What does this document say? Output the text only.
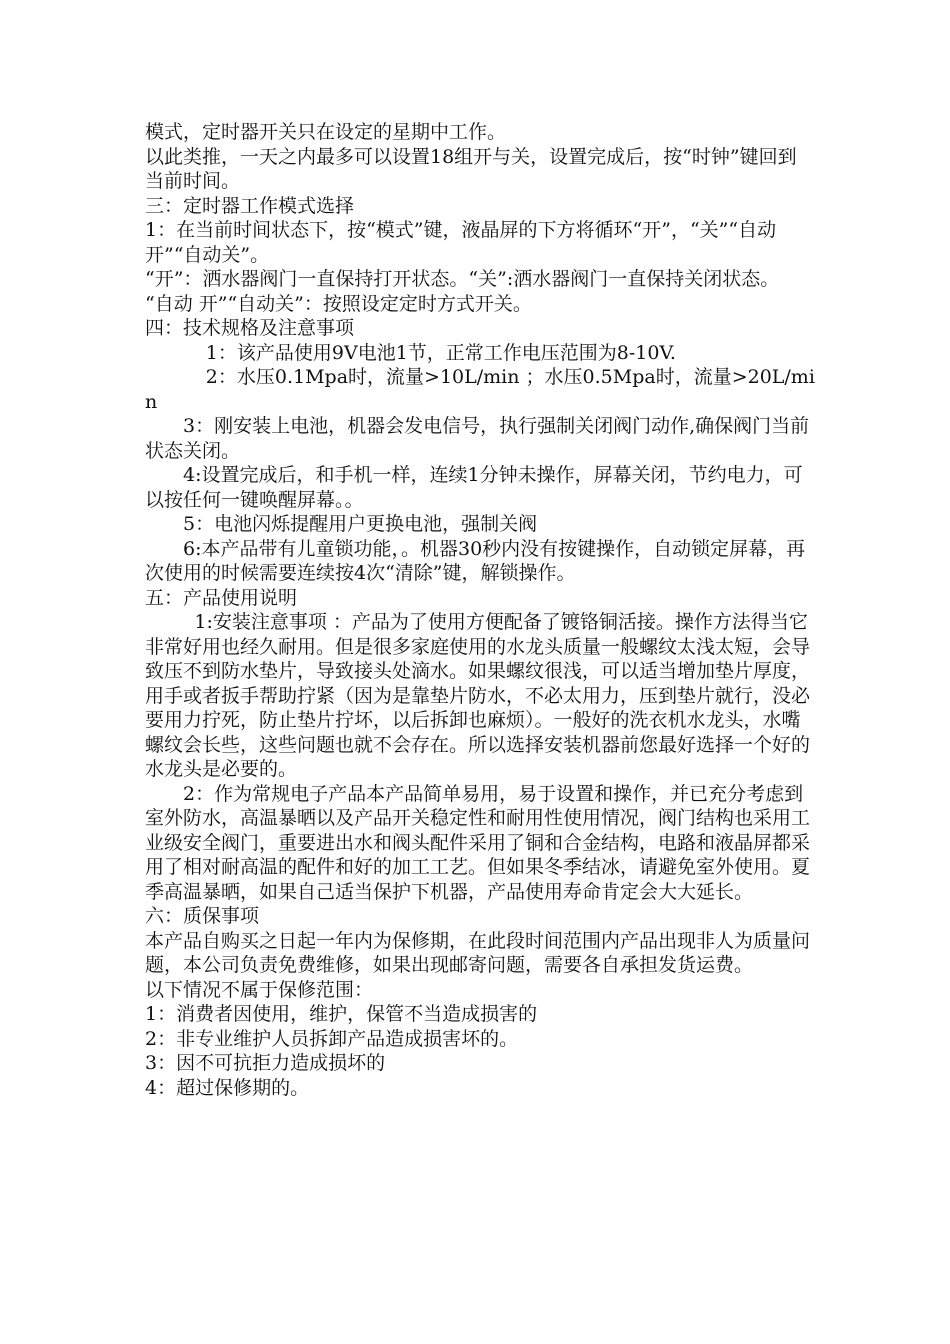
模式，定时器开关只在设定的星期中工作。

以此类推，一天之内最多可以设置18组开与关，设置完成后，按“时钟”键回到当前时间。

三：定时器工作模式选择

1：在当前时间状态下，按“模式”键，液晶屏的下方将循环“开”，“关”“自动 开”“自动关”。

“开”：洒水器阀门一直保持打开状态。“关”:洒水器阀门一直保持关闭状态。

“自动 开”“自动关”：按照设定定时方式开关。

四：技术规格及注意事项

1：该产品使用9V电池1节，正常工作电压范围为8-10V.

2：水压0.1Mpa时，流量>10L/min ；水压0.5Mpa时，流量>20L/min

3：刚安装上电池，机器会发电信号，执行强制关闭阀门动作,确保阀门当前状态关闭。

4:设置完成后，和手机一样，连续1分钟未操作，屏幕关闭，节约电力，可以按任何一键唤醒屏幕。。

5：电池闪烁提醒用户更换电池，强制关阀

6:本产品带有儿童锁功能，。机器30秒内没有按键操作，自动锁定屏幕，再次使用的时候需要连续按4次“清除”键，解锁操作。

五：产品使用说明

1:安装注意事项 ：产品为了使用方便配备了镀铬铜活接。操作方法得当它非常好用也经久耐用。但是很多家庭使用的水龙头质量一般螺纹太浅太短，会导致压不到防水垫片，导致接头处滴水。如果螺纹很浅，可以适当增加垫片厚度，用手或者扳手帮助拧紧（因为是靠垫片防水，不必太用力，压到垫片就行，没必要用力拧死，防止垫片拧坏，以后拆卸也麻烦）。一般好的洗衣机水龙头，水嘴螺纹会长些，这些问题也就不会存在。所以选择安装机器前您最好选择一个好的水龙头是必要的。

2：作为常规电子产品本产品简单易用，易于设置和操作，并已充分考虑到室外防水，高温暴晒以及产品开关稳定性和耐用性使用情况，阀门结构也采用工业级安全阀门，重要进出水和阀头配件采用了铜和合金结构，电路和液晶屏都采用了相对耐高温的配件和好的加工工艺。但如果冬季结冰，请避免室外使用。夏季高温暴晒，如果自己适当保护下机器，产品使用寿命肯定会大大延长。

六：质保事项

本产品自购买之日起一年内为保修期，在此段时间范围内产品出现非人为质量问题，本公司负责免费维修，如果出现邮寄问题，需要各自承担发货运费。

以下情况不属于保修范围：

1：消费者因使用，维护，保管不当造成损害的

2：非专业维护人员拆卸产品造成损害坏的。

3：因不可抗拒力造成损坏的

4：超过保修期的。
